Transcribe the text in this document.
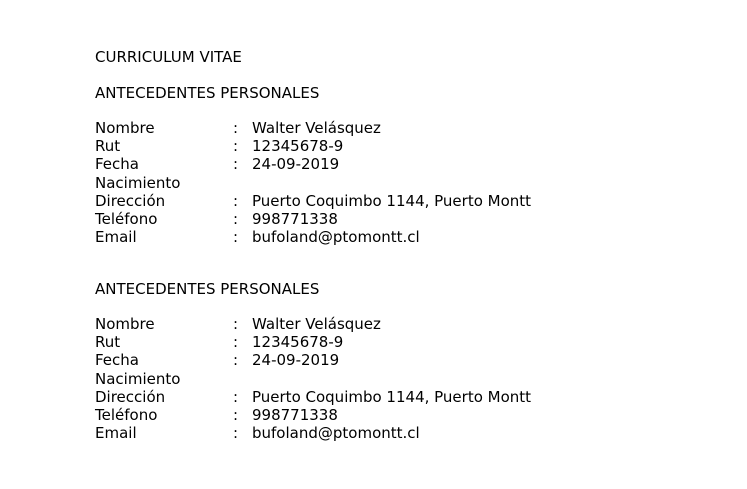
CURRICULUM VITAE
ANTECEDENTES PERSONALES
Nombre	: Walter Velásquez
Rut	: 12345678-9
Fecha	: 24-09-2019
Nacimiento
Dirección	: Puerto Coquimbo 1144, Puerto Montt
Teléfono	: 998771338
Email	: bufoland@ptomontt.cl
ANTECEDENTES PERSONALES
Nombre	: Walter Velásquez
Rut	: 12345678-9
Fecha	: 24-09-2019
Nacimiento
Dirección	: Puerto Coquimbo 1144, Puerto Montt
Teléfono	: 998771338
Email	: bufoland@ptomontt.cl
